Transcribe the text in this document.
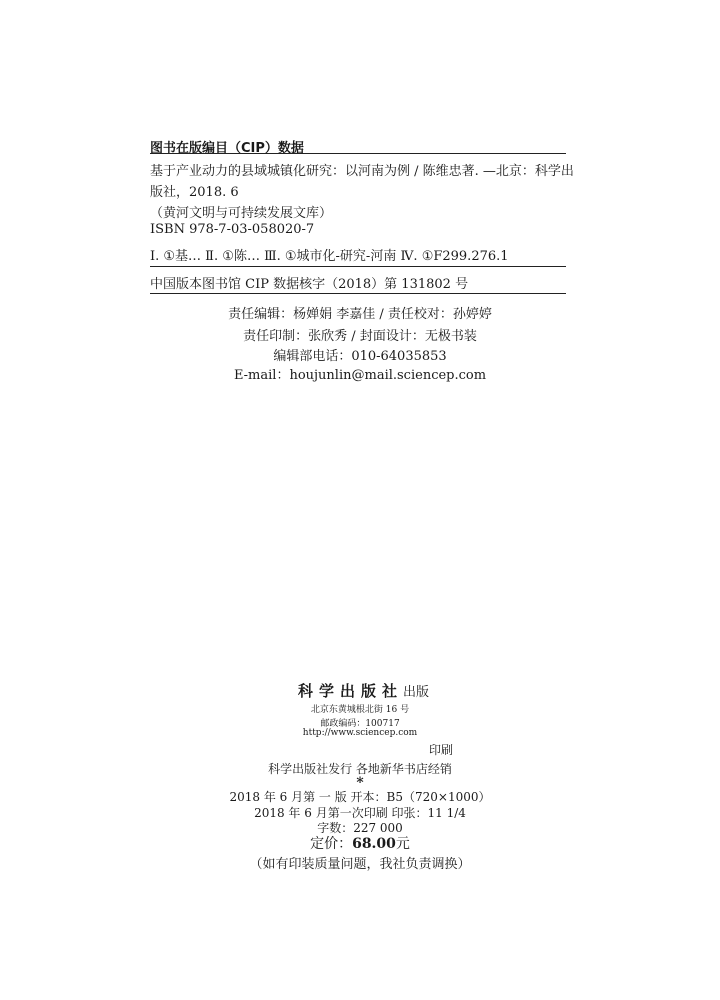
图书在版编目（CIP）数据
基于产业动力的县域城镇化研究：以河南为例 / 陈维忠著. —北京：科学出
版社，2018. 6
（黄河文明与可持续发展文库）
ISBN 978-7-03-058020-7
Ⅰ. ①基… Ⅱ. ①陈… Ⅲ. ①城市化-研究-河南 Ⅳ. ①F299.276.1
中国版本图书馆 CIP 数据核字（2018）第 131802 号
责任编辑：杨婵娟 李嘉佳 / 责任校对：孙婷婷
责任印制：张欣秀 / 封面设计：无极书装
编辑部电话：010-64035853
E-mail：houjunlin@mail.sciencep.com
科学出版社出版
北京东黄城根北街 16 号
邮政编码：100717
http://www.sciencep.com
印刷
科学出版社发行 各地新华书店经销
*
2018 年 6 月第 一 版 开本：B5（720×1000）
2018 年 6 月第一次印刷 印张：11 1/4
字数：227 000
定价：68.00元
（如有印装质量问题，我社负责调换）
